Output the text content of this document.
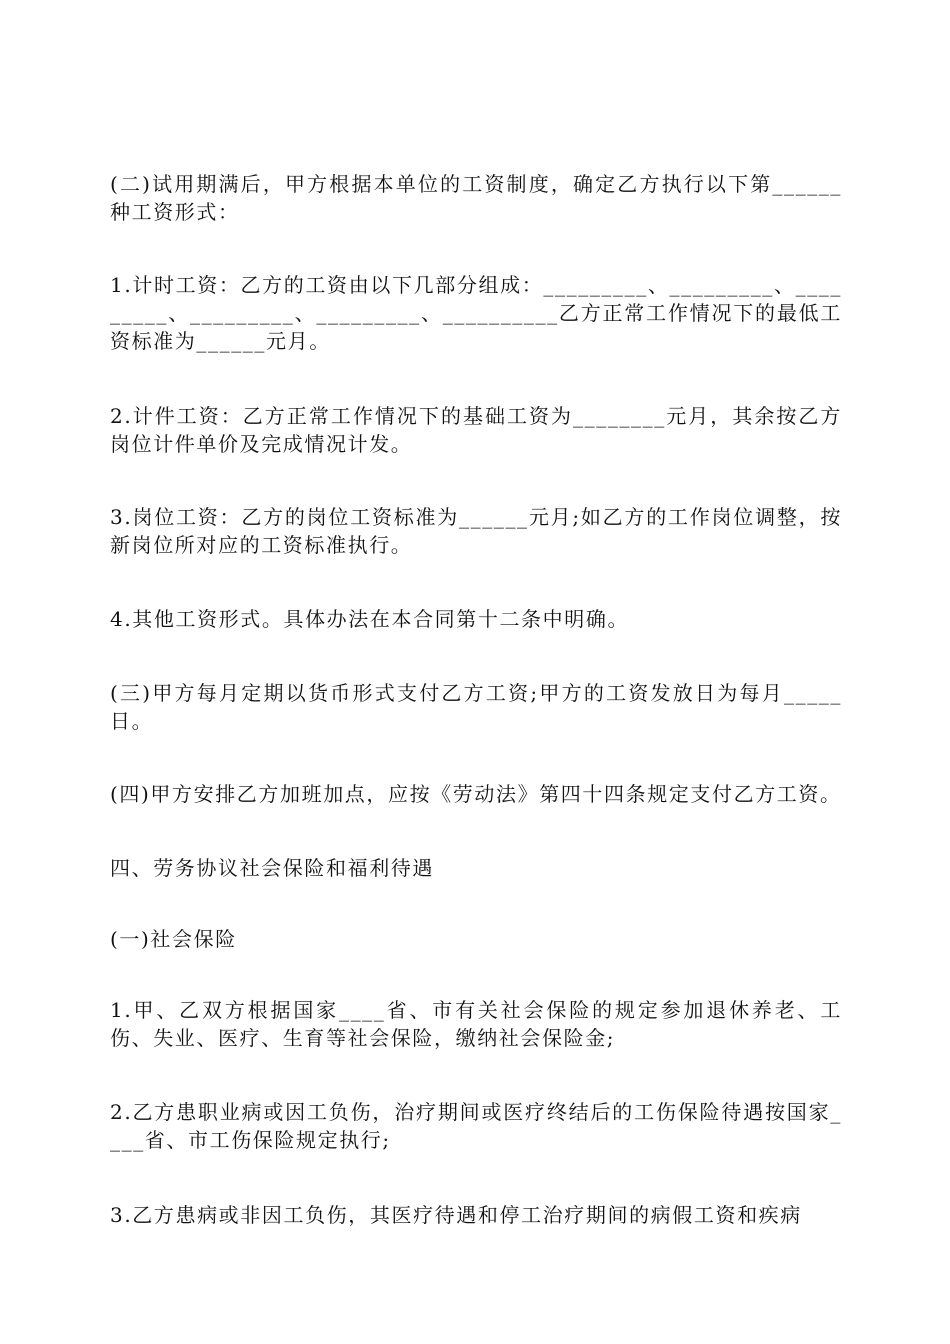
(二)试用期满后，甲方根据本单位的工资制度，确定乙方执行以下第______种工资形式：

1.计时工资：乙方的工资由以下几部分组成：_________、_________、_________、_________、_________、__________乙方正常工作情况下的最低工资标准为______元月。

2.计件工资：乙方正常工作情况下的基础工资为________元月，其余按乙方岗位计件单价及完成情况计发。

3.岗位工资：乙方的岗位工资标准为______元月;如乙方的工作岗位调整，按新岗位所对应的工资标准执行。

4.其他工资形式。具体办法在本合同第十二条中明确。

(三)甲方每月定期以货币形式支付乙方工资;甲方的工资发放日为每月_____日。

(四)甲方安排乙方加班加点，应按《劳动法》第四十四条规定支付乙方工资。

四、劳务协议社会保险和福利待遇

(一)社会保险

1.甲、乙双方根据国家____省、市有关社会保险的规定参加退休养老、工伤、失业、医疗、生育等社会保险，缴纳社会保险金;

2.乙方患职业病或因工负伤，治疗期间或医疗终结后的工伤保险待遇按国家____省、市工伤保险规定执行;

3.乙方患病或非因工负伤，其医疗待遇和停工治疗期间的病假工资和疾病
